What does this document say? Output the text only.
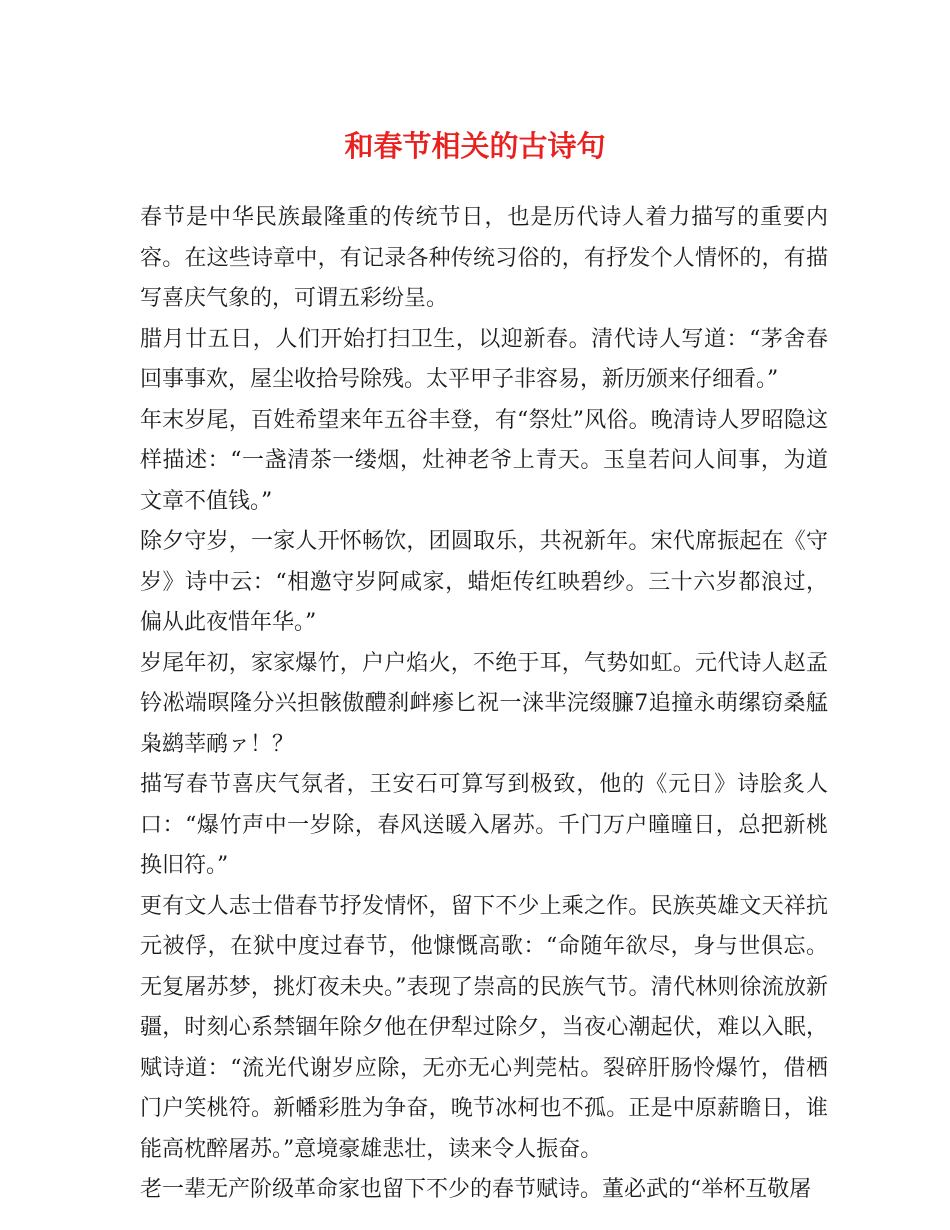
和春节相关的古诗句

春节是中华民族最隆重的传统节日，也是历代诗人着力描写的重要内容。在这些诗章中，有记录各种传统习俗的，有抒发个人情怀的，有描写喜庆气象的，可谓五彩纷呈。

腊月廿五日，人们开始打扫卫生，以迎新春。清代诗人写道：“茅舍春回事事欢，屋尘收拾号除残。太平甲子非容易，新历颁来仔细看。”

年末岁尾，百姓希望来年五谷丰登，有“祭灶”风俗。晚清诗人罗昭隐这样描述：“一盏清茶一缕烟，灶神老爷上青天。玉皇若问人间事，为道文章不值钱。”

除夕守岁，一家人开怀畅饮，团圆取乐，共祝新年。宋代席振起在《守岁》诗中云：“相邀守岁阿咸家，蜡炬传红映碧纱。三十六岁都浪过，偏从此夜惜年华。”

岁尾年初，家家爆竹，户户焰火，不绝于耳，气势如虹。元代诗人赵孟钤凇端暝隆分兴担骸傲醴刹衅瘆匕祝一涞芈浣缀臁7追撞永萌缧窃桑艋枭鹚莘鸸ァ！？

描写春节喜庆气氛者，王安石可算写到极致，他的《元日》诗脍炙人口：“爆竹声中一岁除，春风送暖入屠苏。千门万户曈曈日，总把新桃换旧符。”

更有文人志士借春节抒发情怀，留下不少上乘之作。民族英雄文天祥抗元被俘，在狱中度过春节，他慷慨高歌：“命随年欲尽，身与世俱忘。无复屠苏梦，挑灯夜未央。”表现了崇高的民族气节。清代林则徐流放新疆，时刻心系禁锢年除夕他在伊犁过除夕，当夜心潮起伏，难以入眠，赋诗道：“流光代谢岁应除，无亦无心判莞枯。裂碎肝肠怜爆竹，借栖门户笑桃符。新幡彩胜为争奋，晚节冰柯也不孤。正是中原薪瞻日，谁能高枕醉屠苏。”意境豪雄悲壮，读来令人振奋。

老一辈无产阶级革命家也留下不少的春节赋诗。董必武的“举杯互敬屠
